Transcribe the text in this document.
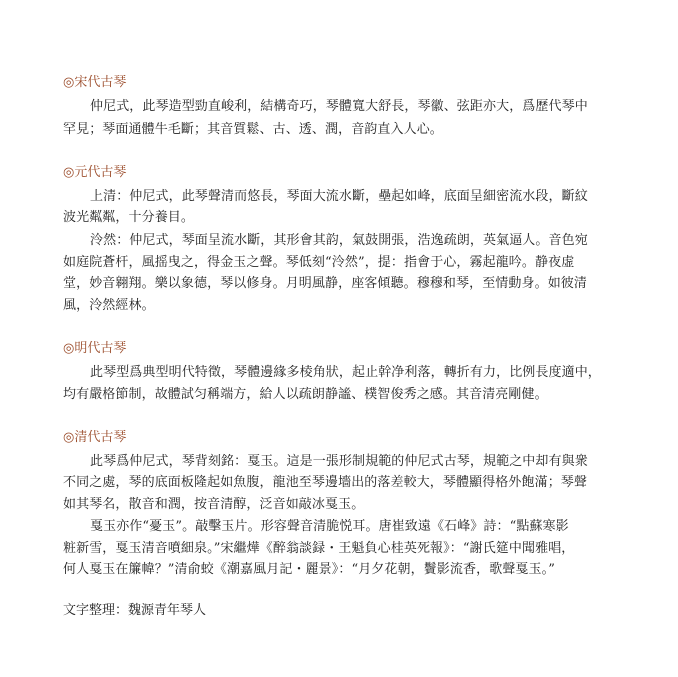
◎宋代古琴
仲尼式，此琴造型勁直峻利，結構奇巧，琴體寬大舒長，琴徽、弦距亦大，爲歷代琴中
罕見；琴面通體牛毛斷；其音質鬆、古、透、潤，音韵直入人心。
◎元代古琴
上清：仲尼式，此琴聲清而悠長，琴面大流水斷，壘起如峰，底面呈細密流水段，斷紋
波光粼粼，十分養目。
泠然：仲尼式，琴面呈流水斷，其形會其韵，氣鼓開張，浩逸疏朗，英氣逼人。音色宛
如庭院蒼杆，風摇曳之，得金玉之聲。琴低刻“泠然”，提：指會于心，霧起龍吟。静夜虚
堂，妙音翱翔。樂以象德，琴以修身。月明風静，座客傾聽。穆穆和琴，至情動身。如彼清
風，泠然經林。
◎明代古琴
此琴型爲典型明代特徵，琴體邊緣多棱角狀，起止幹净利落，轉折有力，比例長度適中，
均有嚴格節制，故體試匀稱端方，給人以疏朗静謐、樸智俊秀之感。其音清亮剛健。
◎清代古琴
此琴爲仲尼式，琴背刻銘：戛玉。這是一張形制規範的仲尼式古琴，規範之中却有與衆
不同之處，琴的底面板隆起如魚腹，龍池至琴邊墻出的落差較大，琴體顯得格外飽滿；琴聲
如其琴名，散音和潤，按音清醇，泛音如敲冰戛玉。
戛玉亦作“憂玉”。敲擊玉片。形容聲音清脆悦耳。唐崔致遠《石峰》詩：“點蘇寒影
粧新雪，戛玉清音噴細泉。”宋繼燁《醉翁談録・王魁負心桂英死報》：“謝氏筵中聞雅唱，
何人戛玉在簾幃？”清俞蛟《潮嘉風月記・麗景》：“月夕花朝，鬢影流香，歌聲戛玉。”
文字整理：魏源青年琴人
